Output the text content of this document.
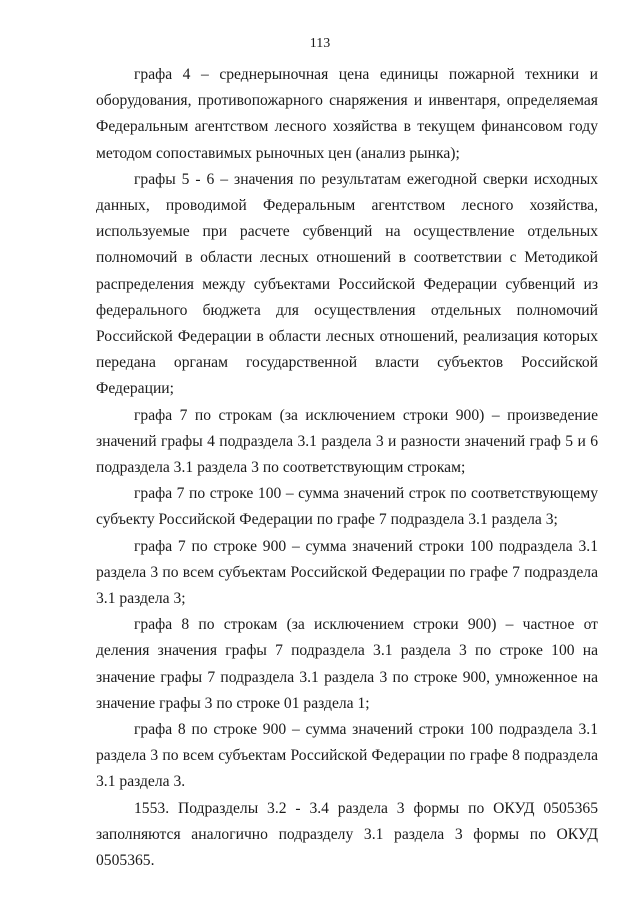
113

графа 4 – среднерыночная цена единицы пожарной техники и оборудования, противопожарного снаряжения и инвентаря, определяемая Федеральным агентством лесного хозяйства в текущем финансовом году методом сопоставимых рыночных цен (анализ рынка);

графы 5 - 6 – значения по результатам ежегодной сверки исходных данных, проводимой Федеральным агентством лесного хозяйства, используемые при расчете субвенций на осуществление отдельных полномочий в области лесных отношений в соответствии с Методикой распределения между субъектами Российской Федерации субвенций из федерального бюджета для осуществления отдельных полномочий Российской Федерации в области лесных отношений, реализация которых передана органам государственной власти субъектов Российской Федерации;

графа 7 по строкам (за исключением строки 900) – произведение значений графы 4 подраздела 3.1 раздела 3 и разности значений граф 5 и 6 подраздела 3.1 раздела 3 по соответствующим строкам;

графа 7 по строке 100 – сумма значений строк по соответствующему субъекту Российской Федерации по графе 7 подраздела 3.1 раздела 3;

графа 7 по строке 900 – сумма значений строки 100 подраздела 3.1 раздела 3 по всем субъектам Российской Федерации по графе 7 подраздела 3.1 раздела 3;

графа 8 по строкам (за исключением строки 900) – частное от деления значения графы 7 подраздела 3.1 раздела 3 по строке 100 на значение графы 7 подраздела 3.1 раздела 3 по строке 900, умноженное на значение графы 3 по строке 01 раздела 1;

графа 8 по строке 900 – сумма значений строки 100 подраздела 3.1 раздела 3 по всем субъектам Российской Федерации по графе 8 подраздела 3.1 раздела 3.

1553. Подразделы 3.2 - 3.4 раздела 3 формы по ОКУД 0505365 заполняются аналогично подразделу 3.1 раздела 3 формы по ОКУД 0505365.
